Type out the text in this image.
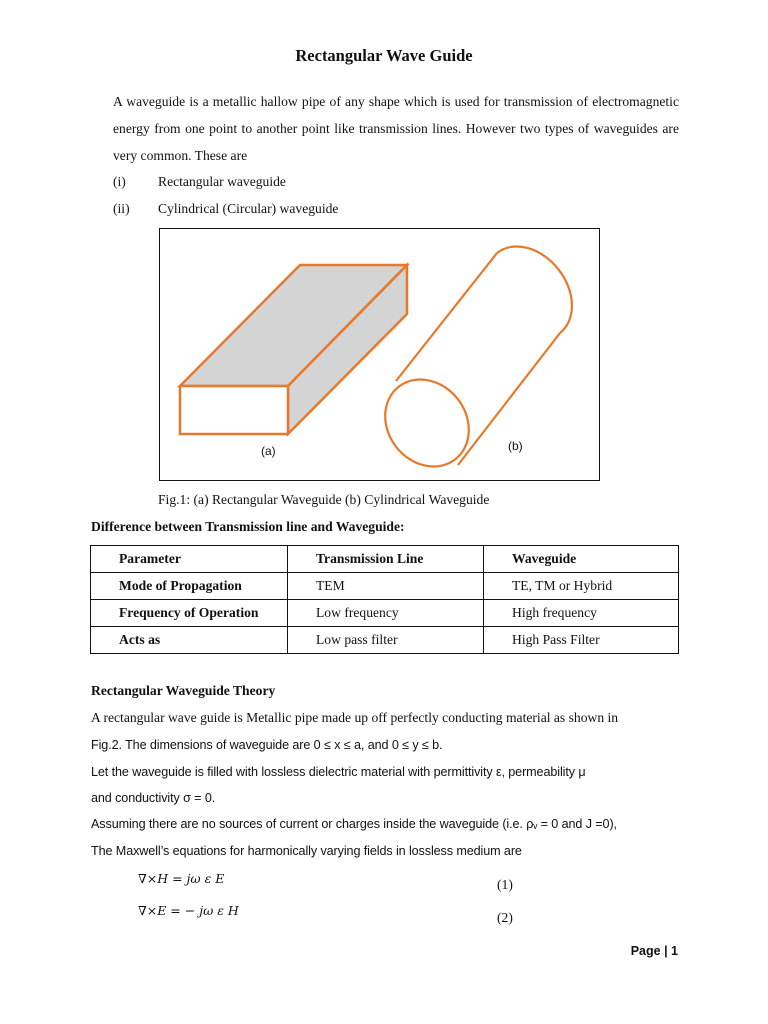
Rectangular Wave Guide
A waveguide is a metallic hallow pipe of any shape which is used for transmission of electromagnetic energy from one point to another point like transmission lines. However two types of waveguides are very common. These are
(i) Rectangular waveguide
(ii) Cylindrical (Circular) waveguide
(a)	(b)
Fig.1: (a) Rectangular Waveguide (b) Cylindrical Waveguide
Difference between Transmission line and Waveguide:
Parameter	Transmission Line	Waveguide
Mode of Propagation	TEM	TE, TM or Hybrid
Frequency of Operation	Low frequency	High frequency
Acts as	Low pass filter	High Pass Filter
Rectangular Waveguide Theory
A rectangular wave guide is Metallic pipe made up off perfectly conducting material as shown in
Fig.2. The dimensions of waveguide are 0 ≤ x ≤ a, and 0 ≤ y ≤ b.
Let the waveguide is filled with lossless dielectric material with permittivity ε, permeability μ
and conductivity σ = 0.
Assuming there are no sources of current or charges inside the waveguide (i.e. ρᵥ = 0 and J =0),
The Maxwell’s equations for harmonically varying fields in lossless medium are
∇×H = jω ε E	(1)
∇×E = − jω ε H	(2)
Page | 1
